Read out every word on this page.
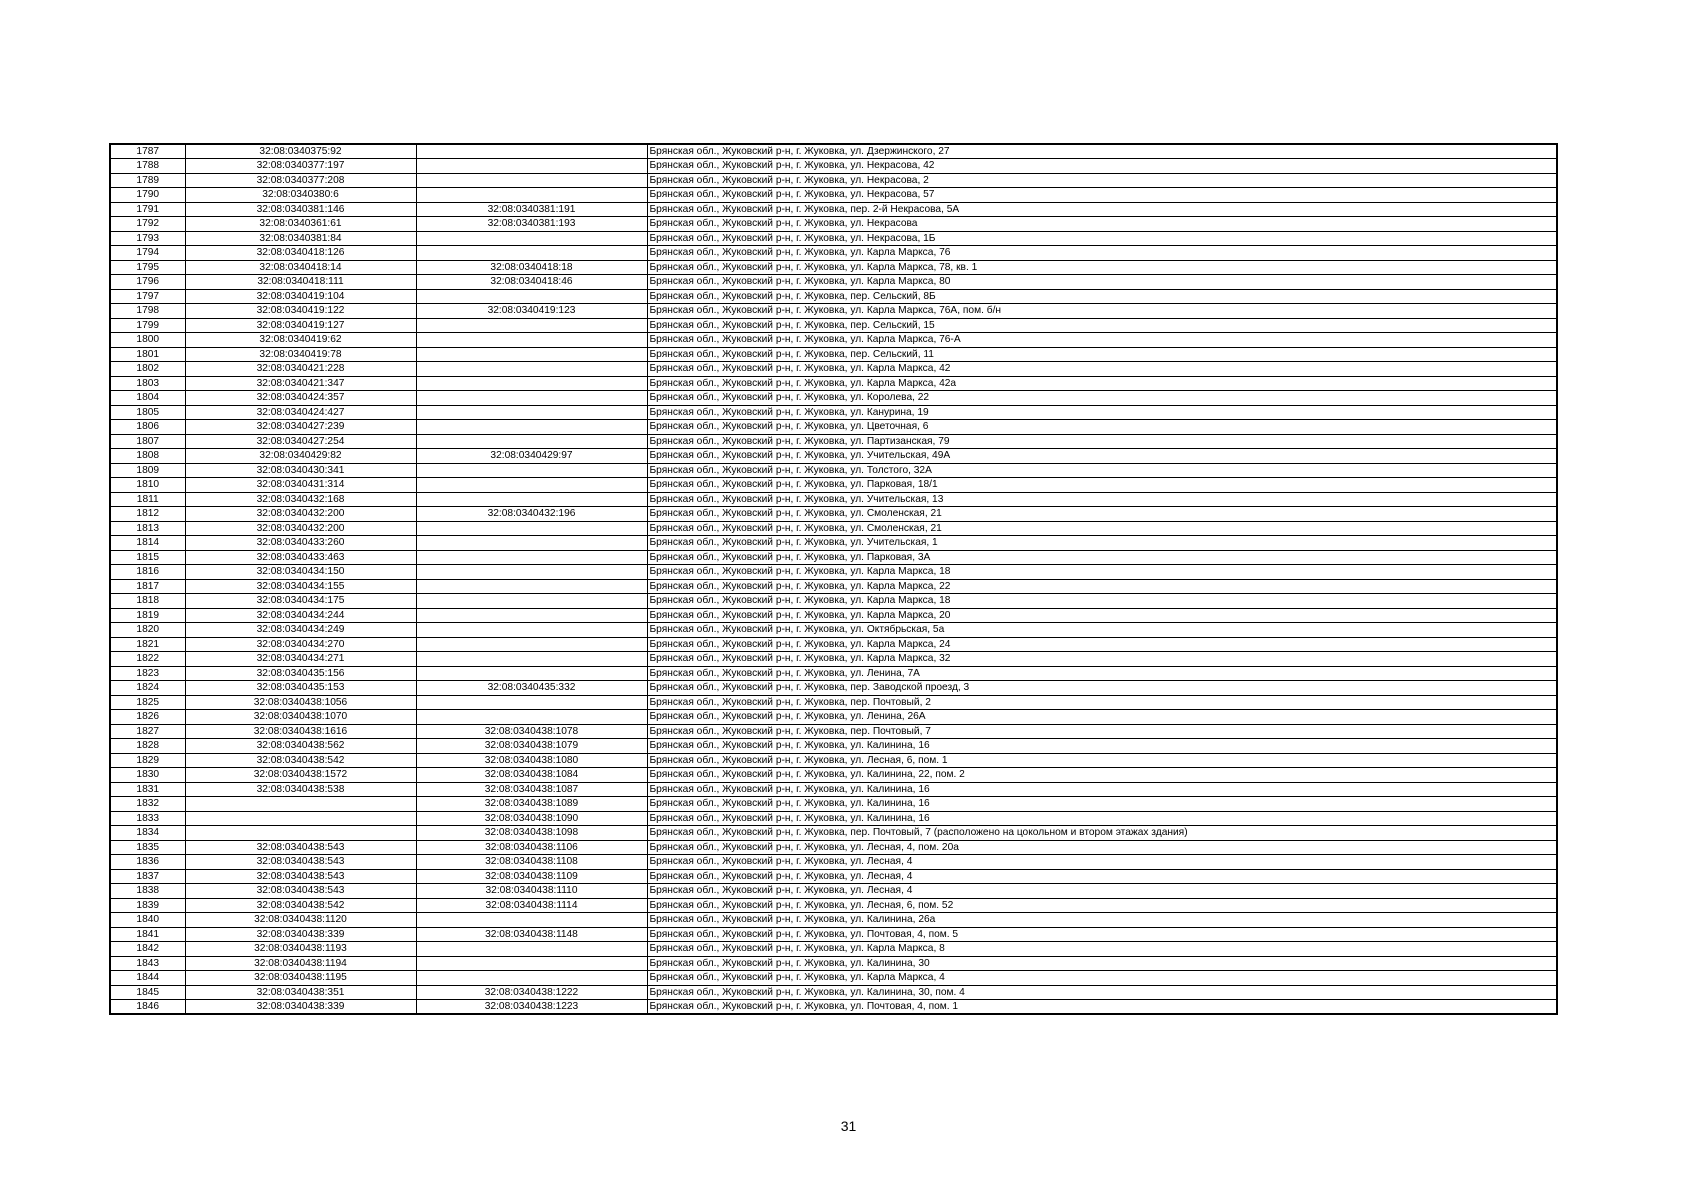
1787	32:08:0340375:92		Брянская обл., Жуковский р-н, г. Жуковка, ул. Дзержинского, 27
1788	32:08:0340377:197		Брянская обл., Жуковский р-н, г. Жуковка, ул. Некрасова, 42
1789	32:08:0340377:208		Брянская обл., Жуковский р-н, г. Жуковка, ул. Некрасова, 2
1790	32:08:0340380:6		Брянская обл., Жуковский р-н, г. Жуковка, ул. Некрасова, 57
1791	32:08:0340381:146	32:08:0340381:191	Брянская обл., Жуковский р-н, г. Жуковка, пер. 2-й Некрасова, 5А
1792	32:08:0340361:61	32:08:0340381:193	Брянская обл., Жуковский р-н, г. Жуковка, ул. Некрасова
1793	32:08:0340381:84		Брянская обл., Жуковский р-н, г. Жуковка, ул. Некрасова, 1Б
1794	32:08:0340418:126		Брянская обл., Жуковский р-н, г. Жуковка, ул. Карла Маркса, 76
1795	32:08:0340418:14	32:08:0340418:18	Брянская обл., Жуковский р-н, г. Жуковка, ул. Карла Маркса, 78, кв. 1
1796	32:08:0340418:111	32:08:0340418:46	Брянская обл., Жуковский р-н, г. Жуковка, ул. Карла Маркса, 80
1797	32:08:0340419:104		Брянская обл., Жуковский р-н, г. Жуковка, пер. Сельский, 8Б
1798	32:08:0340419:122	32:08:0340419:123	Брянская обл., Жуковский р-н, г. Жуковка, ул. Карла Маркса, 76А, пом. б/н
1799	32:08:0340419:127		Брянская обл., Жуковский р-н, г. Жуковка, пер. Сельский, 15
1800	32:08:0340419:62		Брянская обл., Жуковский р-н, г. Жуковка, ул. Карла Маркса, 76-А
1801	32:08:0340419:78		Брянская обл., Жуковский р-н, г. Жуковка, пер. Сельский, 11
1802	32:08:0340421:228		Брянская обл., Жуковский р-н, г. Жуковка, ул. Карла Маркса, 42
1803	32:08:0340421:347		Брянская обл., Жуковский р-н, г. Жуковка, ул. Карла Маркса, 42а
1804	32:08:0340424:357		Брянская обл., Жуковский р-н, г. Жуковка, ул. Королева, 22
1805	32:08:0340424:427		Брянская обл., Жуковский р-н, г. Жуковка, ул. Канурина, 19
1806	32:08:0340427:239		Брянская обл., Жуковский р-н, г. Жуковка, ул. Цветочная, 6
1807	32:08:0340427:254		Брянская обл., Жуковский р-н, г. Жуковка, ул. Партизанская, 79
1808	32:08:0340429:82	32:08:0340429:97	Брянская обл., Жуковский р-н, г. Жуковка, ул. Учительская, 49А
1809	32:08:0340430:341		Брянская обл., Жуковский р-н, г. Жуковка, ул. Толстого, 32А
1810	32:08:0340431:314		Брянская обл., Жуковский р-н, г. Жуковка, ул. Парковая, 18/1
1811	32:08:0340432:168		Брянская обл., Жуковский р-н, г. Жуковка, ул. Учительская, 13
1812	32:08:0340432:200	32:08:0340432:196	Брянская обл., Жуковский р-н, г. Жуковка, ул. Смоленская, 21
1813	32:08:0340432:200		Брянская обл., Жуковский р-н, г. Жуковка, ул. Смоленская, 21
1814	32:08:0340433:260		Брянская обл., Жуковский р-н, г. Жуковка, ул. Учительская, 1
1815	32:08:0340433:463		Брянская обл., Жуковский р-н, г. Жуковка, ул. Парковая, 3А
1816	32:08:0340434:150		Брянская обл., Жуковский р-н, г. Жуковка, ул. Карла Маркса, 18
1817	32:08:0340434:155		Брянская обл., Жуковский р-н, г. Жуковка, ул. Карла Маркса, 22
1818	32:08:0340434:175		Брянская обл., Жуковский р-н, г. Жуковка, ул. Карла Маркса, 18
1819	32:08:0340434:244		Брянская обл., Жуковский р-н, г. Жуковка, ул. Карла Маркса, 20
1820	32:08:0340434:249		Брянская обл., Жуковский р-н, г. Жуковка, ул. Октябрьская, 5а
1821	32:08:0340434:270		Брянская обл., Жуковский р-н, г. Жуковка, ул. Карла Маркса, 24
1822	32:08:0340434:271		Брянская обл., Жуковский р-н, г. Жуковка, ул. Карла Маркса, 32
1823	32:08:0340435:156		Брянская обл., Жуковский р-н, г. Жуковка, ул. Ленина, 7А
1824	32:08:0340435:153	32:08:0340435:332	Брянская обл., Жуковский р-н, г. Жуковка, пер. Заводской проезд, 3
1825	32:08:0340438:1056		Брянская обл., Жуковский р-н, г. Жуковка, пер. Почтовый, 2
1826	32:08:0340438:1070		Брянская обл., Жуковский р-н, г. Жуковка, ул. Ленина, 26А
1827	32:08:0340438:1616	32:08:0340438:1078	Брянская обл., Жуковский р-н, г. Жуковка, пер. Почтовый, 7
1828	32:08:0340438:562	32:08:0340438:1079	Брянская обл., Жуковский р-н, г. Жуковка, ул. Калинина, 16
1829	32:08:0340438:542	32:08:0340438:1080	Брянская обл., Жуковский р-н, г. Жуковка, ул. Лесная, 6, пом. 1
1830	32:08:0340438:1572	32:08:0340438:1084	Брянская обл., Жуковский р-н, г. Жуковка, ул. Калинина, 22, пом. 2
1831	32:08:0340438:538	32:08:0340438:1087	Брянская обл., Жуковский р-н, г. Жуковка, ул. Калинина, 16
1832		32:08:0340438:1089	Брянская обл., Жуковский р-н, г. Жуковка, ул. Калинина, 16
1833		32:08:0340438:1090	Брянская обл., Жуковский р-н, г. Жуковка, ул. Калинина, 16
1834		32:08:0340438:1098	Брянская обл., Жуковский р-н, г. Жуковка, пер. Почтовый, 7 (расположено на цокольном и втором этажах здания)
1835	32:08:0340438:543	32:08:0340438:1106	Брянская обл., Жуковский р-н, г. Жуковка, ул. Лесная, 4, пом. 20а
1836	32:08:0340438:543	32:08:0340438:1108	Брянская обл., Жуковский р-н, г. Жуковка, ул. Лесная, 4
1837	32:08:0340438:543	32:08:0340438:1109	Брянская обл., Жуковский р-н, г. Жуковка, ул. Лесная, 4
1838	32:08:0340438:543	32:08:0340438:1110	Брянская обл., Жуковский р-н, г. Жуковка, ул. Лесная, 4
1839	32:08:0340438:542	32:08:0340438:1114	Брянская обл., Жуковский р-н, г. Жуковка, ул. Лесная, 6, пом. 52
1840	32:08:0340438:1120		Брянская обл., Жуковский р-н, г. Жуковка, ул. Калинина, 26а
1841	32:08:0340438:339	32:08:0340438:1148	Брянская обл., Жуковский р-н, г. Жуковка, ул. Почтовая, 4, пом. 5
1842	32:08:0340438:1193		Брянская обл., Жуковский р-н, г. Жуковка, ул. Карла Маркса, 8
1843	32:08:0340438:1194		Брянская обл., Жуковский р-н, г. Жуковка, ул. Калинина, 30
1844	32:08:0340438:1195		Брянская обл., Жуковский р-н, г. Жуковка, ул. Карла Маркса, 4
1845	32:08:0340438:351	32:08:0340438:1222	Брянская обл., Жуковский р-н, г. Жуковка, ул. Калинина, 30, пом. 4
1846	32:08:0340438:339	32:08:0340438:1223	Брянская обл., Жуковский р-н, г. Жуковка, ул. Почтовая, 4, пом. 1
31
